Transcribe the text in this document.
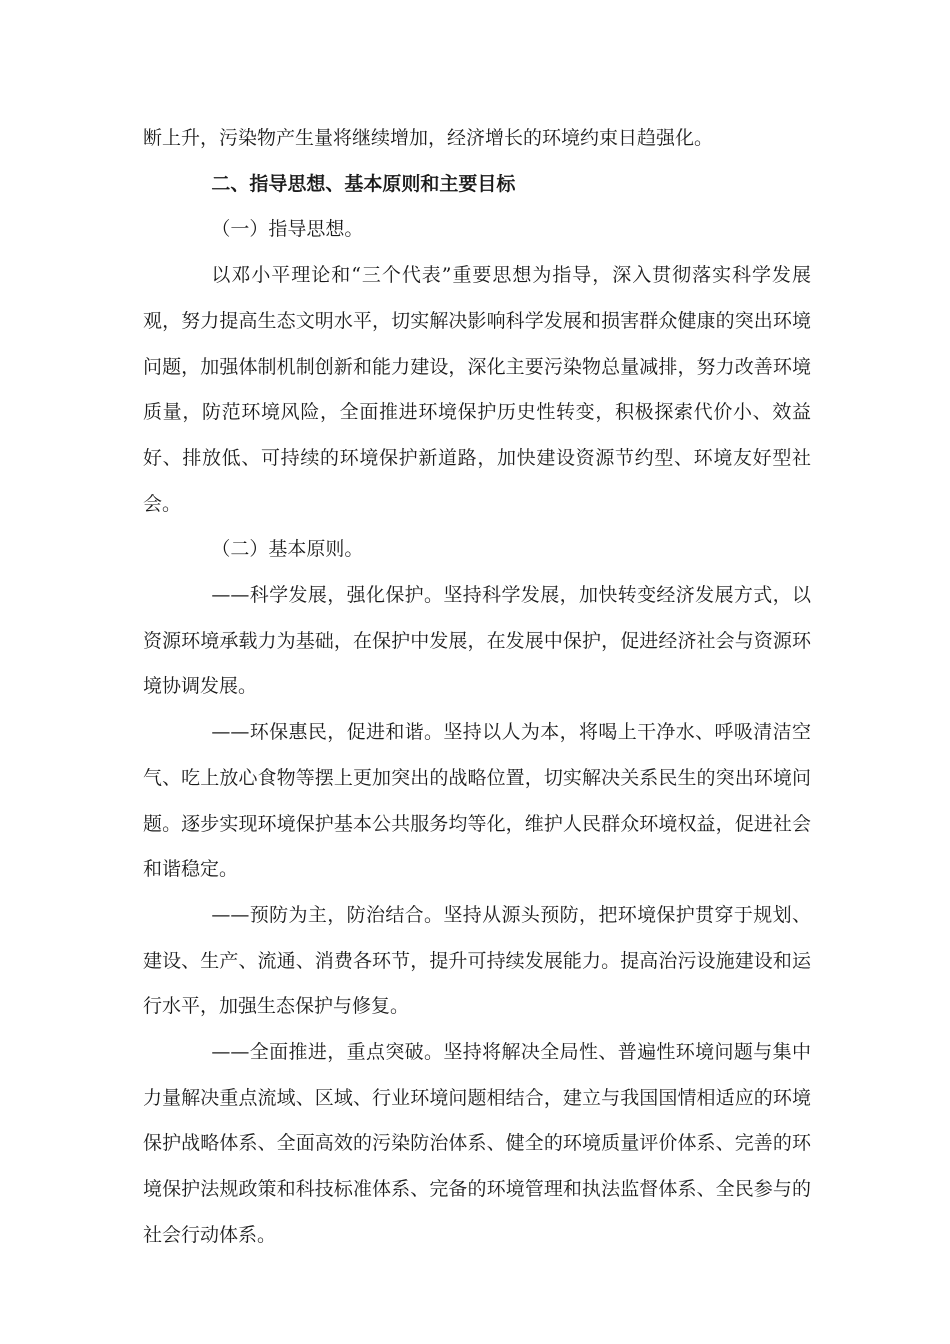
断上升，污染物产生量将继续增加，经济增长的环境约束日趋强化。

二、指导思想、基本原则和主要目标

（一）指导思想。

以邓小平理论和“三个代表”重要思想为指导，深入贯彻落实科学发展观，努力提高生态文明水平，切实解决影响科学发展和损害群众健康的突出环境问题，加强体制机制创新和能力建设，深化主要污染物总量减排，努力改善环境质量，防范环境风险，全面推进环境保护历史性转变，积极探索代价小、效益好、排放低、可持续的环境保护新道路，加快建设资源节约型、环境友好型社会。

（二）基本原则。

——科学发展，强化保护。坚持科学发展，加快转变经济发展方式，以资源环境承载力为基础，在保护中发展，在发展中保护，促进经济社会与资源环境协调发展。

——环保惠民，促进和谐。坚持以人为本，将喝上干净水、呼吸清洁空气、吃上放心食物等摆上更加突出的战略位置，切实解决关系民生的突出环境问题。逐步实现环境保护基本公共服务均等化，维护人民群众环境权益，促进社会和谐稳定。

——预防为主，防治结合。坚持从源头预防，把环境保护贯穿于规划、建设、生产、流通、消费各环节，提升可持续发展能力。提高治污设施建设和运行水平，加强生态保护与修复。

——全面推进，重点突破。坚持将解决全局性、普遍性环境问题与集中力量解决重点流域、区域、行业环境问题相结合，建立与我国国情相适应的环境保护战略体系、全面高效的污染防治体系、健全的环境质量评价体系、完善的环境保护法规政策和科技标准体系、完备的环境管理和执法监督体系、全民参与的社会行动体系。
